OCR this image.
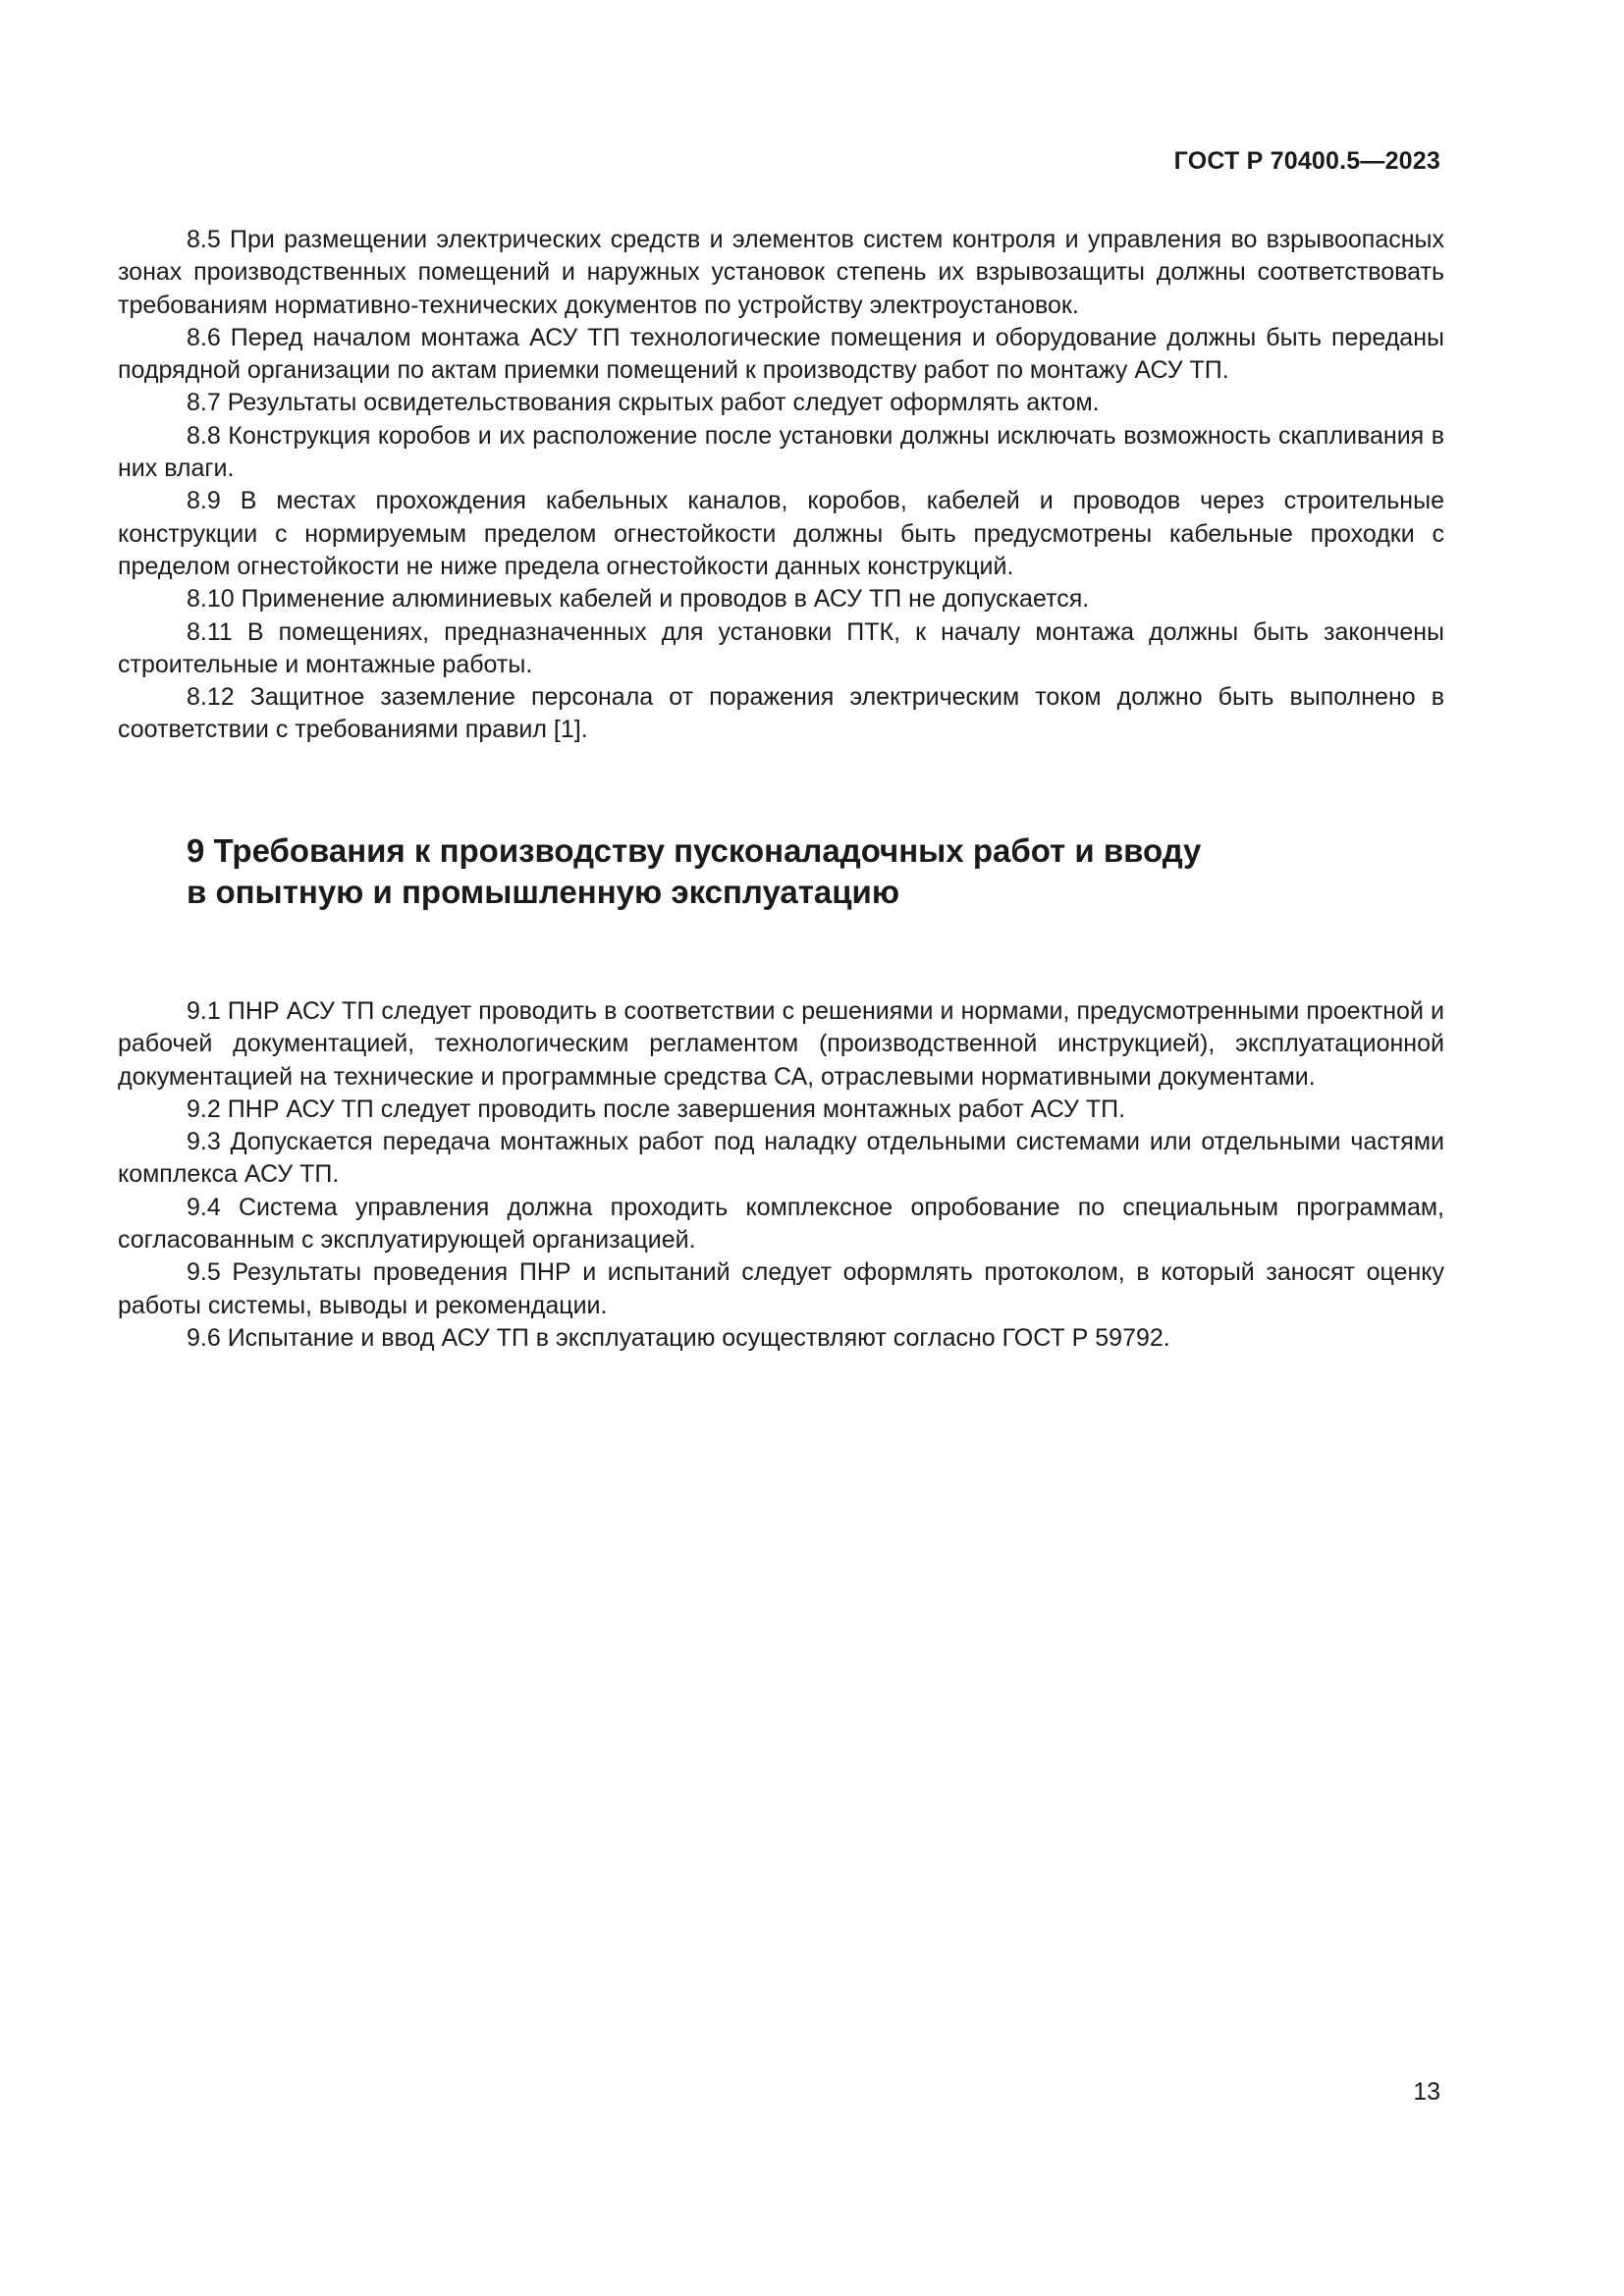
ГОСТ Р 70400.5—2023

8.5 При размещении электрических средств и элементов систем контроля и управления во взрывоопасных зонах производственных помещений и наружных установок степень их взрывозащиты должны соответствовать требованиям нормативно-технических документов по устройству электроустановок.

8.6 Перед началом монтажа АСУ ТП технологические помещения и оборудование должны быть переданы подрядной организации по актам приемки помещений к производству работ по монтажу АСУ ТП.

8.7 Результаты освидетельствования скрытых работ следует оформлять актом.

8.8 Конструкция коробов и их расположение после установки должны исключать возможность скапливания в них влаги.

8.9 В местах прохождения кабельных каналов, коробов, кабелей и проводов через строительные конструкции с нормируемым пределом огнестойкости должны быть предусмотрены кабельные проходки с пределом огнестойкости не ниже предела огнестойкости данных конструкций.

8.10 Применение алюминиевых кабелей и проводов в АСУ ТП не допускается.

8.11 В помещениях, предназначенных для установки ПТК, к началу монтажа должны быть закончены строительные и монтажные работы.

8.12 Защитное заземление персонала от поражения электрическим током должно быть выполнено в соответствии с требованиями правил [1].

9 Требования к производству пусконаладочных работ и вводу
в опытную и промышленную эксплуатацию

9.1 ПНР АСУ ТП следует проводить в соответствии с решениями и нормами, предусмотренными проектной и рабочей документацией, технологическим регламентом (производственной инструкцией), эксплуатационной документацией на технические и программные средства СА, отраслевыми нормативными документами.

9.2 ПНР АСУ ТП следует проводить после завершения монтажных работ АСУ ТП.

9.3 Допускается передача монтажных работ под наладку отдельными системами или отдельными частями комплекса АСУ ТП.

9.4 Система управления должна проходить комплексное опробование по специальным программам, согласованным с эксплуатирующей организацией.

9.5 Результаты проведения ПНР и испытаний следует оформлять протоколом, в который заносят оценку работы системы, выводы и рекомендации.

9.6 Испытание и ввод АСУ ТП в эксплуатацию осуществляют согласно ГОСТ Р 59792.

13
